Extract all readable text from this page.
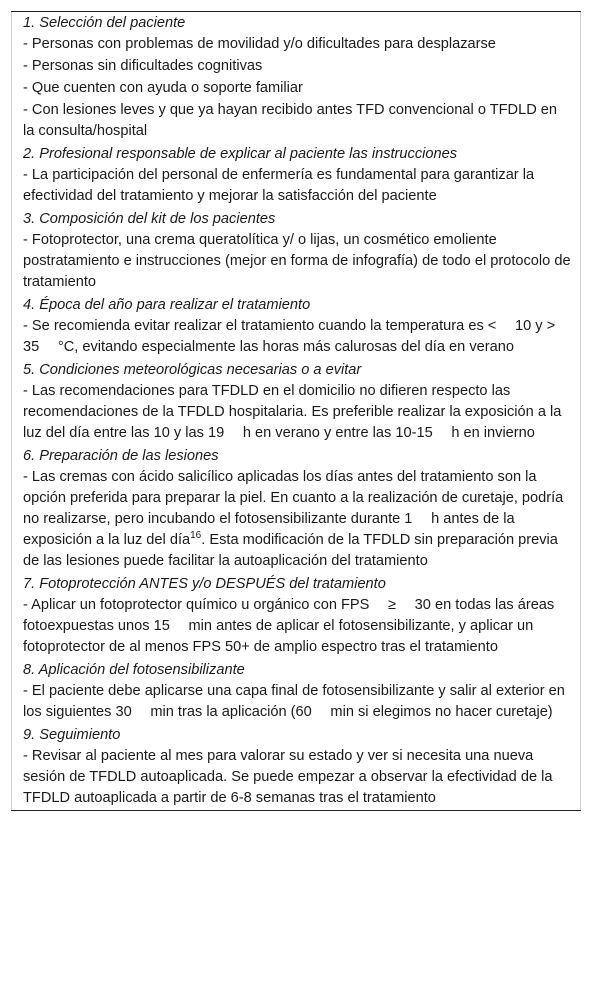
1. Selección del paciente
- Personas con problemas de movilidad y/o dificultades para desplazarse
- Personas sin dificultades cognitivas
- Que cuenten con ayuda o soporte familiar
- Con lesiones leves y que ya hayan recibido antes TFD convencional o TFDLD en la consulta/hospital
2. Profesional responsable de explicar al paciente las instrucciones
- La participación del personal de enfermería es fundamental para garantizar la efectividad del tratamiento y mejorar la satisfacción del paciente
3. Composición del kit de los pacientes
- Fotoprotector, una crema queratolítica y/ o lijas, un cosmético emoliente postratamiento e instrucciones (mejor en forma de infografía) de todo el protocolo de tratamiento
4. Época del año para realizar el tratamiento
- Se recomienda evitar realizar el tratamiento cuando la temperatura es <  10 y >  35  °C, evitando especialmente las horas más calurosas del día en verano
5. Condiciones meteorológicas necesarias o a evitar
- Las recomendaciones para TFDLD en el domicilio no difieren respecto las recomendaciones de la TFDLD hospitalaria. Es preferible realizar la exposición a la luz del día entre las 10 y las 19  h en verano y entre las 10-15  h en invierno
6. Preparación de las lesiones
- Las cremas con ácido salicílico aplicadas los días antes del tratamiento son la opción preferida para preparar la piel. En cuanto a la realización de curetaje, podría no realizarse, pero incubando el fotosensibilizante durante 1  h antes de la exposición a la luz del día$^{16}$. Esta modificación de la TFDLD sin preparación previa de las lesiones puede facilitar la autoaplicación del tratamiento
7. Fotoprotección ANTES y/o DESPUÉS del tratamiento
- Aplicar un fotoprotector químico u orgánico con FPS  ≥  30 en todas las áreas fotoexpuestas unos 15  min antes de aplicar el fotosensibilizante, y aplicar un fotoprotector de al menos FPS 50+ de amplio espectro tras el tratamiento
8. Aplicación del fotosensibilizante
- El paciente debe aplicarse una capa final de fotosensibilizante y salir al exterior en los siguientes 30  min tras la aplicación (60  min si elegimos no hacer curetaje)
9. Seguimiento
- Revisar al paciente al mes para valorar su estado y ver si necesita una nueva sesión de TFDLD autoaplicada. Se puede empezar a observar la efectividad de la TFDLD autoaplicada a partir de 6-8 semanas tras el tratamiento
